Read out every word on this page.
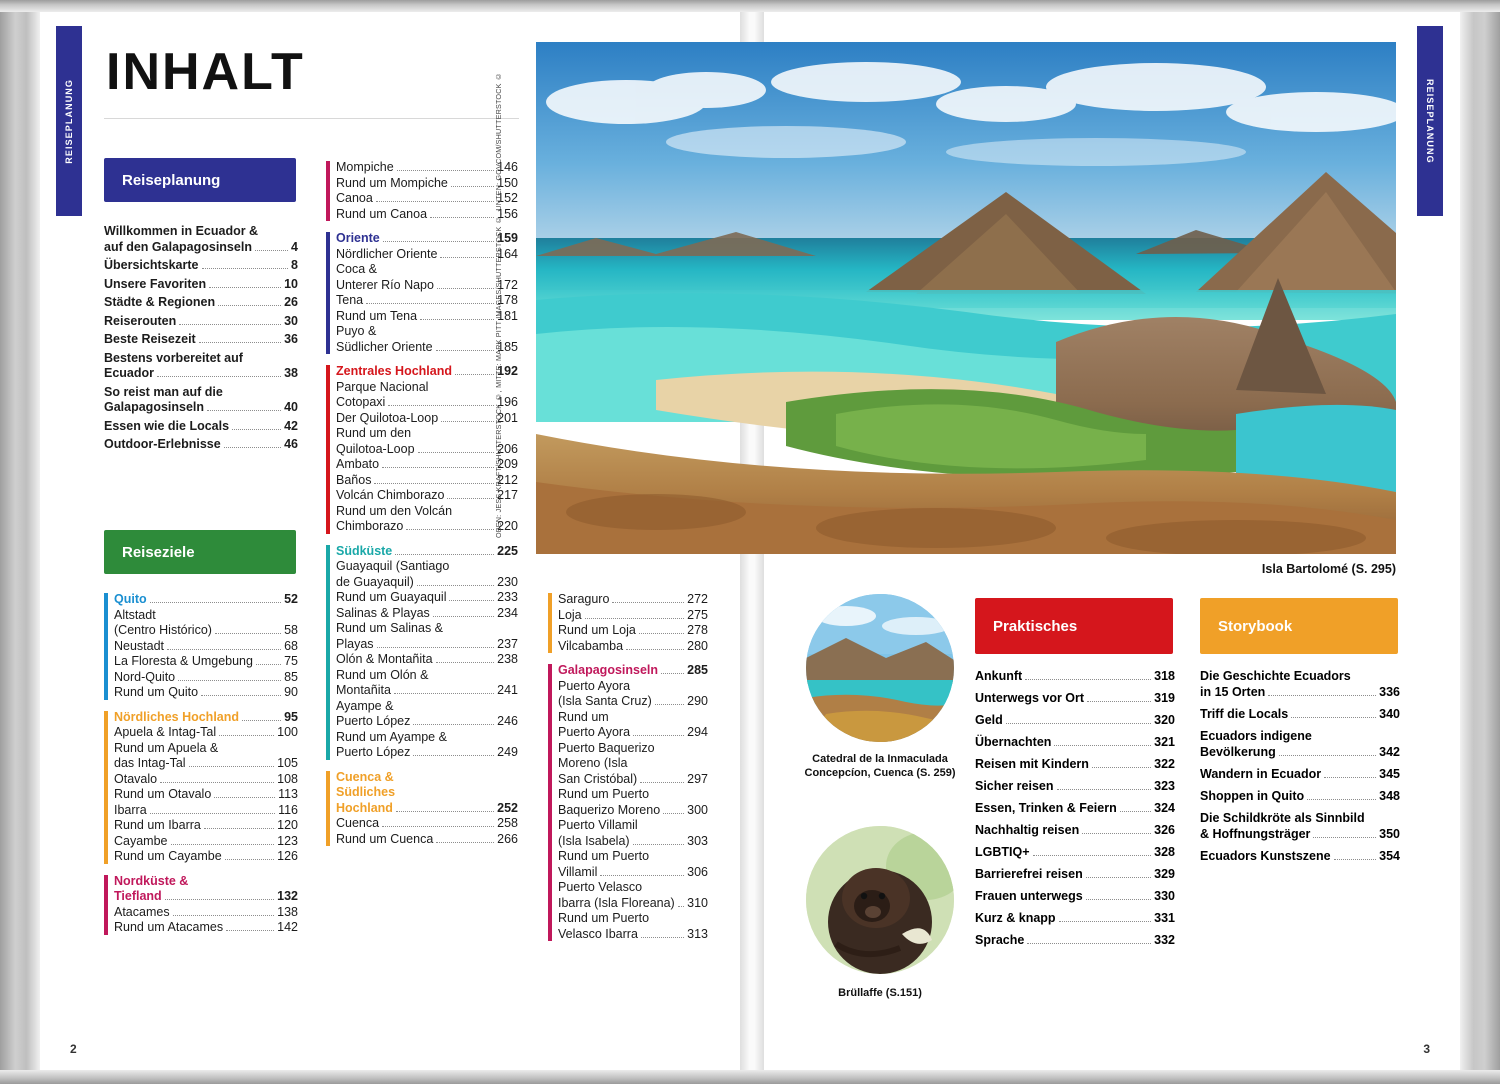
REISEPLANUNG	REISEPLANUNG
INHALT
Reiseplanung
Reiseziele
Praktisches	Storybook
Willkommen in Ecuador &
auf den Galapagosinseln	4
Übersichtskarte	8
Unsere Favoriten	10
Städte & Regionen	26
Reiserouten	30
Beste Reisezeit	36
Bestens vorbereitet auf
Ecuador	38
So reist man auf die
Galapagosinseln	40
Essen wie die Locals	42
Outdoor-Erlebnisse	46
Quito	52
Altstadt
(Centro Histórico)	58
Neustadt	68
La Floresta & Umgebung 75
Nord-Quito	85
Rund um Quito	90
Nördliches Hochland	95
Apuela & Intag-Tal	100
Rund um Apuela &
das Intag-Tal	105
Otavalo	108
Rund um Otavalo	113
Ibarra	116
Rund um Ibarra	120
Cayambe	123
Rund um Cayambe	126
Nordküste &
Tiefland	132
Atacames	138
Rund um Atacames	142
Mompiche	146
Rund um Mompiche	150
Canoa	152
Rund um Canoa	156
Oriente	159
Nördlicher Oriente	164
Coca &
Unterer Río Napo	172
Tena	178
Rund um Tena	181
Puyo &
Südlicher Oriente	185
Zentrales Hochland	192
Parque Nacional
Cotopaxi	196
Der Quilotoa-Loop	201
Rund um den
Quilotoa-Loop	206
Ambato	209
Baños	212
Volcán Chimborazo	217
Rund um den Volcán
Chimborazo	220
Südküste	225
Guayaquil (Santiago
de Guayaquil)	230
Rund um Guayaquil	233
Salinas & Playas	234
Rund um Salinas &
Playas	237
Olón & Montañita	238
Rund um Olón &
Montañita	241
Ayampe &
Puerto López	246
Rund um Ayampe &
Puerto López	249
Cuenca &
Südliches
Hochland	252
Cuenca	258
Rund um Cuenca	266
Saraguro	272
Loja	275
Rund um Loja	278
Vilcabamba	280
Galapagosinseln 285
Puerto Ayora
(Isla Santa Cruz)	290
Rund um
Puerto Ayora	294
Puerto Baquerizo
Moreno (Isla
San Cristóbal)	297
Rund um Puerto
Baquerizo Moreno 300
Puerto Villamil
(Isla Isabela)	303
Rund um Puerto
Villamil	306
Puerto Velasco
Ibarra (Isla Floreana) 310
Rund um Puerto
Velasco Ibarra	313
Isla Bartolomé (S. 295)
OBEN: JESS KRAFT/SHUTTERSTOCK ©, MITTE: MARK PITT IMAGES/SHUTTERSTOCK ©, UNTEN: GOVCOM/SHUTTERSTOCK ©
Catedral de la Inmaculada
Concepcíon, Cuenca (S. 259)
Brüllaffe (S.151)
Ankunft	318
Unterwegs vor Ort	319
Geld	320
Übernachten	321
Reisen mit Kindern	322
Sicher reisen	323
Essen, Trinken & Feiern	324
Nachhaltig reisen	326
LGBTIQ+	328
Barrierefrei reisen	329
Frauen unterwegs	330
Kurz & knapp	331
Sprache	332
Die Geschichte Ecuadors
in 15 Orten	336
Triff die Locals	340
Ecuadors indigene
Bevölkerung	342
Wandern in Ecuador	345
Shoppen in Quito	348
Die Schildkröte als Sinnbild
& Hoffnungsträger	350
Ecuadors Kunstszene	354
2	3
